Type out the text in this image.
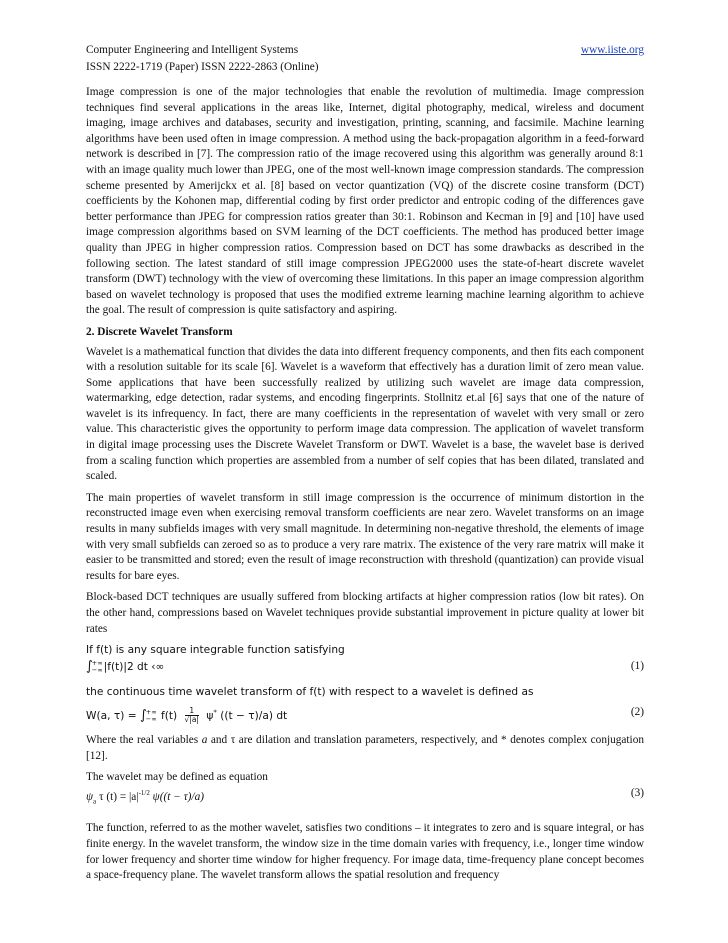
Computer Engineering and Intelligent Systems	www.iiste.org
ISSN 2222-1719 (Paper) ISSN 2222-2863 (Online)

Image compression is one of the major technologies that enable the revolution of multimedia. Image compression techniques find several applications in the areas like, Internet, digital photography, medical, wireless and document imaging, image archives and databases, security and investigation, printing, scanning, and facsimile. Machine learning algorithms have been used often in image compression. A method using the back-propagation algorithm in a feed-forward network is described in [7]. The compression ratio of the image recovered using this algorithm was generally around 8:1 with an image quality much lower than JPEG, one of the most well-known image compression standards. The compression scheme presented by Amerijckx et al. [8] based on vector quantization (VQ) of the discrete cosine transform (DCT) coefficients by the Kohonen map, differential coding by first order predictor and entropic coding of the differences gave better performance than JPEG for compression ratios greater than 30:1. Robinson and Kecman in [9] and [10] have used image compression algorithms based on SVM learning of the DCT coefficients. The method has produced better image quality than JPEG in higher compression ratios. Compression based on DCT has some drawbacks as described in the following section. The latest standard of still image compression JPEG2000 uses the state-of-heart discrete wavelet transform (DWT) technology with the view of overcoming these limitations. In this paper an image compression algorithm based on wavelet technology is proposed that uses the modified extreme learning machine learning algorithm to achieve the goal. The result of compression is quite satisfactory and aspiring.

2. Discrete Wavelet Transform

Wavelet is a mathematical function that divides the data into different frequency components, and then fits each component with a resolution suitable for its scale [6]. Wavelet is a waveform that effectively has a duration limit of zero mean value. Some applications that have been successfully realized by utilizing such wavelet are image data compression, watermarking, edge detection, radar systems, and encoding fingerprints. Stollnitz et.al [6] says that one of the nature of wavelet is its infrequency. In fact, there are many coefficients in the representation of wavelet with very small or zero value. This characteristic gives the opportunity to perform image data compression. The application of wavelet transform in digital image processing uses the Discrete Wavelet Transform or DWT. Wavelet is a base, the wavelet base is derived from a scaling function which properties are assembled from a number of self copies that has been dilated, translated and scaled.

The main properties of wavelet transform in still image compression is the occurrence of minimum distortion in the reconstructed image even when exercising removal transform coefficients are near zero. Wavelet transforms on an image results in many subfields images with very small magnitude. In determining non-negative threshold, the elements of image with very small subfields can zeroed so as to produce a very rare matrix. The existence of the very rare matrix will make it easier to be transmitted and stored; even the result of image reconstruction with threshold (quantization) can provide visual results for bare eyes.

Block-based DCT techniques are usually suffered from blocking artifacts at higher compression ratios (low bit rates). On the other hand, compressions based on Wavelet techniques provide substantial improvement in picture quality at lower bit rates

If f(t) is any square integrable function satisfying
∫ +∞
−∞ |f(t)|2 dt ‹∞	(1)
the continuous time wavelet transform of f(t) with respect to a wavelet is defined as
W(a, τ) = ∫ +∞
−∞ $f(t) \frac{1}{√|a|} \psi^*$ ((t − τ)/a) dt	(2)

Where the real variables a and τ are dilation and translation parameters, respectively, and * denotes complex conjugation [12].

The wavelet may be defined as equation

$\psi_a$ τ $(t) = |a|^{-1/2}$ ψ((t − τ)/a)	(3)

The function, referred to as the mother wavelet, satisfies two conditions – it integrates to zero and is square integral, or has finite energy. In the wavelet transform, the window size in the time domain varies with frequency, i.e., longer time window for lower frequency and shorter time window for higher frequency. For image data, time-frequency plane concept becomes a space-frequency plane. The wavelet transform allows the spatial resolution and frequency
